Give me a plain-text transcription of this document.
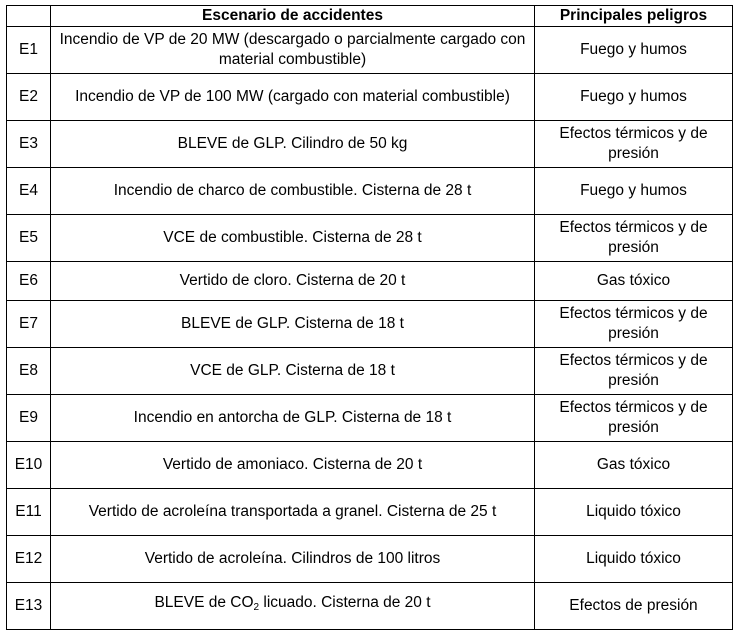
	Escenario de accidentes	Principales peligros
E1	Incendio de VP de 20 MW (descargado o parcialmente cargado con material combustible)	Fuego y humos
E2	Incendio de VP de 100 MW (cargado con material combustible)	Fuego y humos
E3	BLEVE de GLP. Cilindro de 50 kg	Efectos térmicos y de presión
E4	Incendio de charco de combustible. Cisterna de 28 t	Fuego y humos
E5	VCE de combustible. Cisterna de 28 t	Efectos térmicos y de presión
E6	Vertido de cloro. Cisterna de 20 t	Gas tóxico
E7	BLEVE de GLP. Cisterna de 18 t	Efectos térmicos y de presión
E8	VCE de GLP. Cisterna de 18 t	Efectos térmicos y de presión
E9	Incendio en antorcha de GLP. Cisterna de 18 t	Efectos térmicos y de presión
E10	Vertido de amoniaco. Cisterna de 20 t	Gas tóxico
E11	Vertido de acroleína transportada a granel. Cisterna de 25 t	Liquido tóxico
E12	Vertido de acroleína. Cilindros de 100 litros	Liquido tóxico
E13	BLEVE de $CO_2$ licuado. Cisterna de 20 t	Efectos de presión
